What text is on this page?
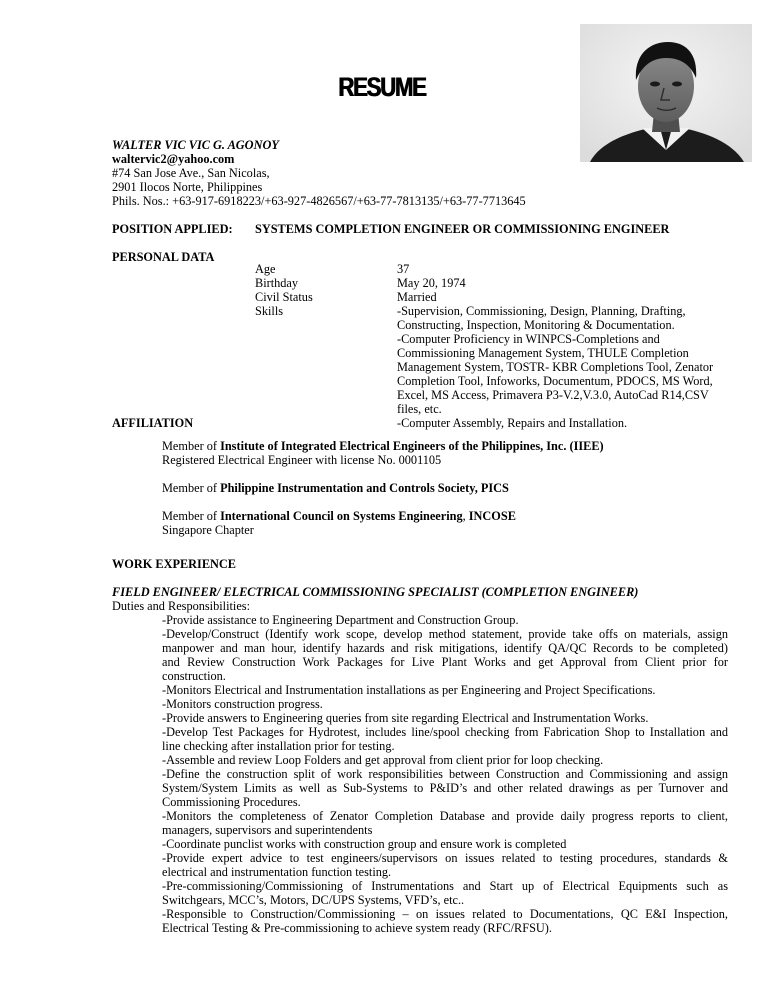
RESUME
WALTER VIC VIC G. AGONOY
waltervic2@yahoo.com
#74 San Jose Ave., San Nicolas,
2901 Ilocos Norte, Philippines
Phils. Nos.: +63-917-6918223/+63-927-4826567/+63-77-7813135/+63-77-7713645
POSITION APPLIED: SYSTEMS COMPLETION ENGINEER OR COMMISSIONING ENGINEER
PERSONAL DATA
Age
Birthday
Civil Status
Skills
37
May 20, 1974
Married
-Supervision, Commissioning, Design, Planning, Drafting,
Constructing, Inspection, Monitoring & Documentation.
-Computer Proficiency in WINPCS-Completions and
Commissioning Management System, THULE Completion
Management System, TOSTR- KBR Completions Tool, Zenator
Completion Tool, Infoworks, Documentum, PDOCS, MS Word,
Excel, MS Access, Primavera P3-V.2,V.3.0, AutoCad R14,CSV
files, etc.
-Computer Assembly, Repairs and Installation.
AFFILIATION
Member of Institute of Integrated Electrical Engineers of the Philippines, Inc. (IIEE)
Registered Electrical Engineer with license No. 0001105
Member of Philippine Instrumentation and Controls Society, PICS
Member of International Council on Systems Engineering, INCOSE
Singapore Chapter
WORK EXPERIENCE
FIELD ENGINEER/ ELECTRICAL COMMISSIONING SPECIALIST (COMPLETION ENGINEER)
Duties and Responsibilities:
-Provide assistance to Engineering Department and Construction Group.
-Develop/Construct (Identify work scope, develop method statement, provide take offs on materials, assign
manpower and man hour, identify hazards and risk mitigations, identify QA/QC Records to be completed)
and Review Construction Work Packages for Live Plant Works and get Approval from Client prior for
construction.
-Monitors Electrical and Instrumentation installations as per Engineering and Project Specifications.
-Monitors construction progress.
-Provide answers to Engineering queries from site regarding Electrical and Instrumentation Works.
-Develop Test Packages for Hydrotest, includes line/spool checking from Fabrication Shop to Installation and
line checking after installation prior for testing.
-Assemble and review Loop Folders and get approval from client prior for loop checking.
-Define the construction split of work responsibilities between Construction and Commissioning and assign
System/System Limits as well as Sub-Systems to P&ID’s and other related drawings as per Turnover and
Commissioning Procedures.
-Monitors the completeness of Zenator Completion Database and provide daily progress reports to client,
managers, supervisors and superintendents
-Coordinate punclist works with construction group and ensure work is completed
-Provide expert advice to test engineers/supervisors on issues related to testing procedures, standards &
electrical and instrumentation function testing.
-Pre-commissioning/Commissioning of Instrumentations and Start up of Electrical Equipments such as
Switchgears, MCC’s, Motors, DC/UPS Systems, VFD’s, etc..
-Responsible to Construction/Commissioning – on issues related to Documentations, QC E&I Inspection,
Electrical Testing & Pre-commissioning to achieve system ready (RFC/RFSU).
